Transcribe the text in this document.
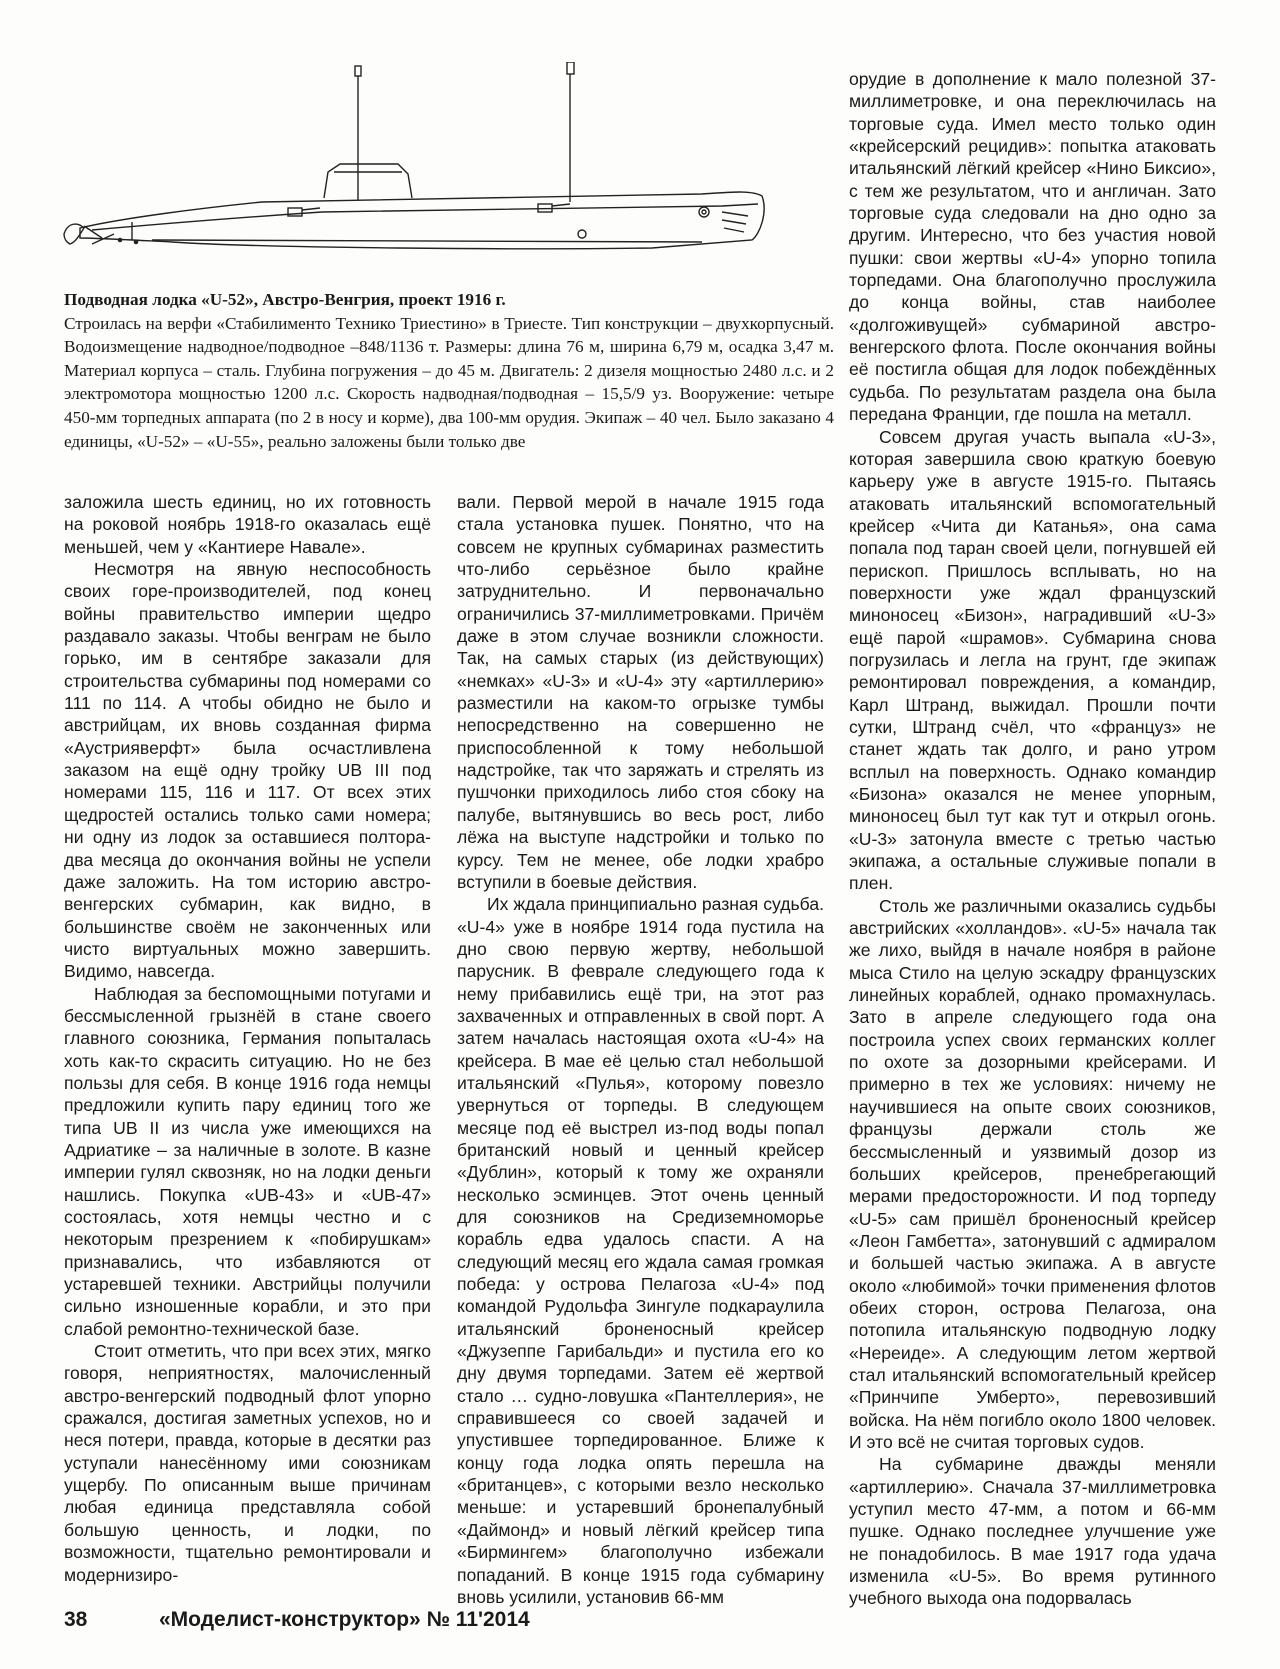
Подводная лодка «U-52», Австро-Венгрия, проект 1916 г.
Строилась на верфи «Стабилименто Технико Триестино» в Триесте. Тип конструкции – двухкорпусный. Водоизмещение надводное/подводное –848/1136 т. Размеры: длина 76 м, ширина 6,79 м, осадка 3,47 м. Материал корпуса – сталь. Глубина погружения – до 45 м. Двигатель: 2 дизеля мощностью 2480 л.с. и 2 электромотора мощностью 1200 л.с. Скорость надводная/подводная – 15,5/9 уз. Вооружение: четыре 450-мм торпедных аппарата (по 2 в носу и корме), два 100-мм орудия. Экипаж – 40 чел. Было заказано 4 единицы, «U-52» – «U-55», реально заложены были только две

заложила шесть единиц, но их готовность на роковой ноябрь 1918-го оказалась ещё меньшей, чем у «Кантиере Навале».

Несмотря на явную неспособность своих горе-производителей, под конец войны правительство империи щедро раздавало заказы. Чтобы венграм не было горько, им в сентябре заказали для строительства субмарины под номерами со 111 по 114. А чтобы обидно не было и австрийцам, их вновь созданная фирма «Аустрияверфт» была осчастливлена заказом на ещё одну тройку UB III под номерами 115, 116 и 117. От всех этих щедростей остались только сами номера; ни одну из лодок за оставшиеся полтора-два месяца до окончания войны не успели даже заложить. На том историю австро-венгерских субмарин, как видно, в большинстве своём не законченных или чисто виртуальных можно завершить. Видимо, навсегда.

Наблюдая за беспомощными потугами и бессмысленной грызнёй в стане своего главного союзника, Германия попыталась хоть как-то скрасить ситуацию. Но не без пользы для себя. В конце 1916 года немцы предложили купить пару единиц того же типа UB II из числа уже имеющихся на Адриатике – за наличные в золоте. В казне империи гулял сквозняк, но на лодки деньги нашлись. Покупка «UB-43» и «UB-47» состоялась, хотя немцы честно и с некоторым презрением к «побирушкам» признавались, что избавляются от устаревшей техники. Австрийцы получили сильно изношенные корабли, и это при слабой ремонтно-технической базе.

Стоит отметить, что при всех этих, мягко говоря, неприятностях, малочисленный австро-венгерский подводный флот упорно сражался, достигая заметных успехов, но и неся потери, правда, которые в десятки раз уступали нанесённому ими союзникам ущербу. По описанным выше причинам любая единица представляла собой большую ценность, и лодки, по возможности, тщательно ремонтировали и модернизиро-

вали. Первой мерой в начале 1915 года стала установка пушек. Понятно, что на совсем не крупных субмаринах разместить что-либо серьёзное было крайне затруднительно. И первоначально ограничились 37-миллиметровками. Причём даже в этом случае возникли сложности. Так, на самых старых (из действующих) «немках» «U-3» и «U-4» эту «артиллерию» разместили на каком-то огрызке тумбы непосредственно на совершенно не приспособленной к тому небольшой надстройке, так что заряжать и стрелять из пушчонки приходилось либо стоя сбоку на палубе, вытянувшись во весь рост, либо лёжа на выступе надстройки и только по курсу. Тем не менее, обе лодки храбро вступили в боевые действия.

Их ждала принципиально разная судьба. «U-4» уже в ноябре 1914 года пустила на дно свою первую жертву, небольшой парусник. В феврале следующего года к нему прибавились ещё три, на этот раз захваченных и отправленных в свой порт. А затем началась настоящая охота «U-4» на крейсера. В мае её целью стал небольшой итальянский «Пулья», которому повезло увернуться от торпеды. В следующем месяце под её выстрел из-под воды попал британский новый и ценный крейсер «Дублин», который к тому же охраняли несколько эсминцев. Этот очень ценный для союзников на Средиземноморье корабль едва удалось спасти. А на следующий месяц его ждала самая громкая победа: у острова Пелагоза «U-4» под командой Рудольфа Зингуле подкараулила итальянский броненосный крейсер «Джузеппе Гарибальди» и пустила его ко дну двумя торпедами. Затем её жертвой стало … судно-ловушка «Пантеллерия», не справившееся со своей задачей и упустившее торпедированное. Ближе к концу года лодка опять перешла на «британцев», с которыми везло несколько меньше: и устаревший бронепалубный «Даймонд» и новый лёгкий крейсер типа «Бирмингем» благополучно избежали попаданий. В конце 1915 года субмарину вновь усилили, установив 66-мм

орудие в дополнение к мало полезной 37-миллиметровке, и она переключилась на торговые суда. Имел место только один «крейсерский рецидив»: попытка атаковать итальянский лёгкий крейсер «Нино Биксио», с тем же результатом, что и англичан. Зато торговые суда следовали на дно одно за другим. Интересно, что без участия новой пушки: свои жертвы «U-4» упорно топила торпедами. Она благополучно прослужила до конца войны, став наиболее «долгоживущей» субмариной австро-венгерского флота. После окончания войны её постигла общая для лодок побеждённых судьба. По результатам раздела она была передана Франции, где пошла на металл.

Совсем другая участь выпала «U-3», которая завершила свою краткую боевую карьеру уже в августе 1915-го. Пытаясь атаковать итальянский вспомогательный крейсер «Чита ди Катанья», она сама попала под таран своей цели, погнувшей ей перископ. Пришлось всплывать, но на поверхности уже ждал французский миноносец «Бизон», наградивший «U-3» ещё парой «шрамов». Субмарина снова погрузилась и легла на грунт, где экипаж ремонтировал повреждения, а командир, Карл Штранд, выжидал. Прошли почти сутки, Штранд счёл, что «француз» не станет ждать так долго, и рано утром всплыл на поверхность. Однако командир «Бизона» оказался не менее упорным, миноносец был тут как тут и открыл огонь. «U-3» затонула вместе с третью частью экипажа, а остальные служивые попали в плен.

Столь же различными оказались судьбы австрийских «холландов». «U-5» начала так же лихо, выйдя в начале ноября в районе мыса Стило на целую эскадру французских линейных кораблей, однако промахнулась. Зато в апреле следующего года она построила успех своих германских коллег по охоте за дозорными крейсерами. И примерно в тех же условиях: ничему не научившиеся на опыте своих союзников, французы держали столь же бессмысленный и уязвимый дозор из больших крейсеров, пренебрегающий мерами предосторожности. И под торпеду «U-5» сам пришёл броненосный крейсер «Леон Гамбетта», затонувший с адмиралом и большей частью экипажа. А в августе около «любимой» точки применения флотов обеих сторон, острова Пелагоза, она потопила итальянскую подводную лодку «Нереиде». А следующим летом жертвой стал итальянский вспомогательный крейсер «Принчипе Умберто», перевозивший войска. На нём погибло около 1800 человек. И это всё не считая торговых судов.

На субмарине дважды меняли «артиллерию». Сначала 37-миллиметровка уступил место 47-мм, а потом и 66-мм пушке. Однако последнее улучшение уже не понадобилось. В мае 1917 года удача изменила «U-5». Во время рутинного учебного выхода она подорвалась

38	«Моделист-конструктор» № 11'2014
